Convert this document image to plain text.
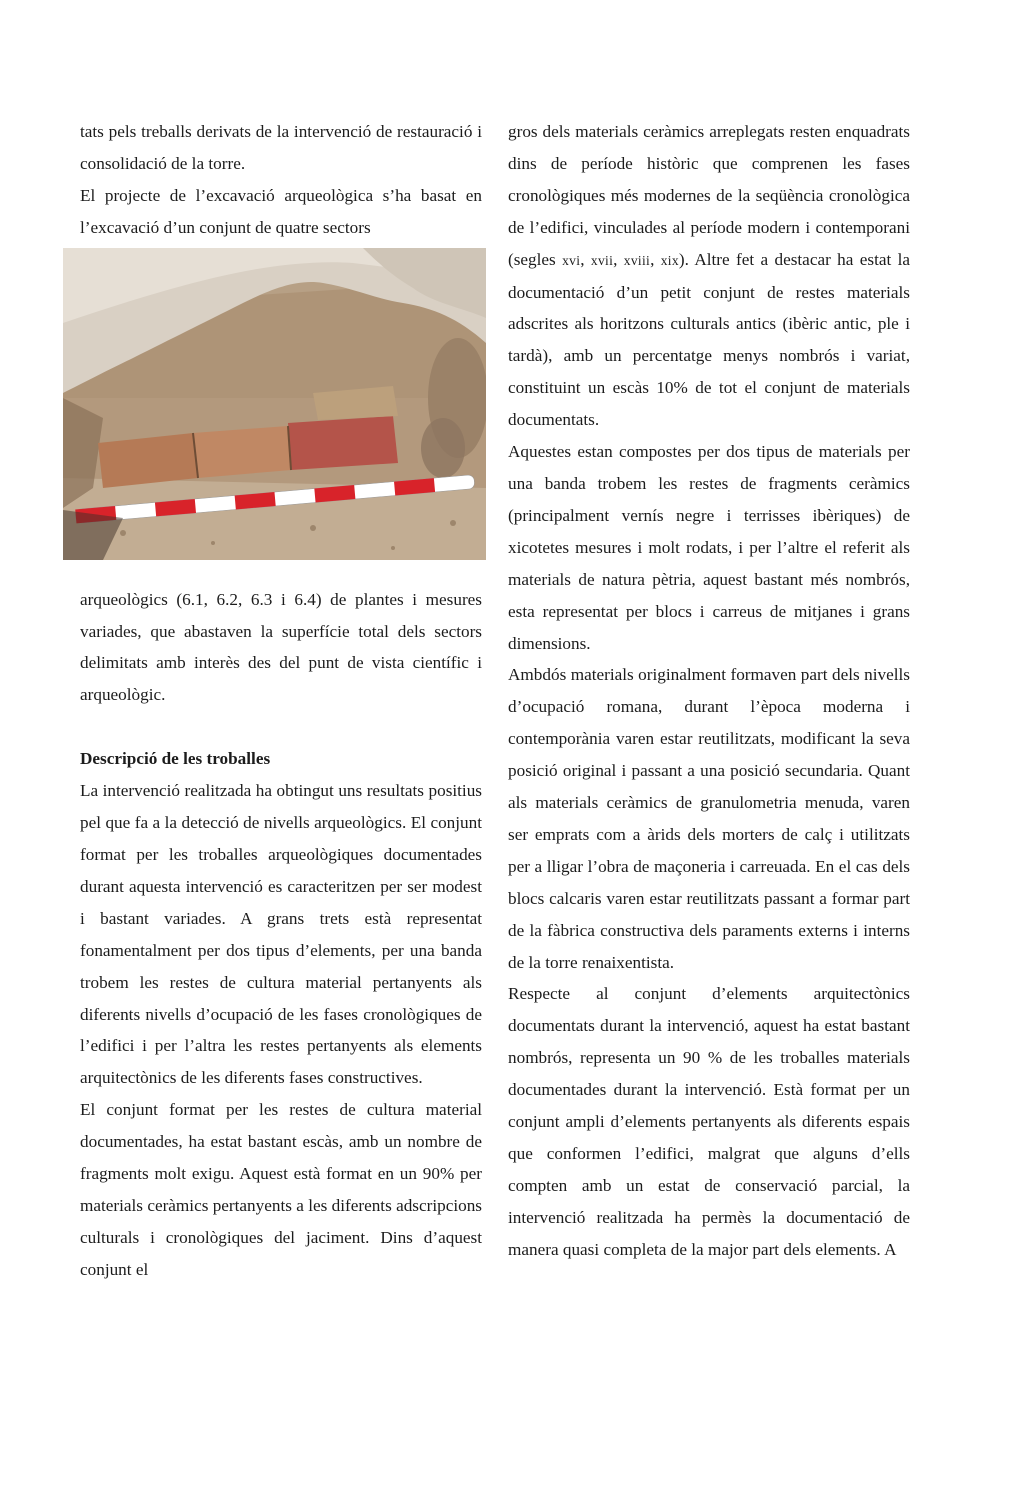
tats pels treballs derivats de la intervenció de restauració i consolidació de la torre.

El projecte de l’excavació arqueològica s’ha basat en l’excavació d’un conjunt de quatre sectors

arqueològics (6.1, 6.2, 6.3 i 6.4) de plantes i mesures variades, que abastaven la superfície total dels sectors delimitats amb interès des del punt de vista científic i arqueològic.

Descripció de les troballes

La intervenció realitzada ha obtingut uns resultats positius pel que fa a la detecció de nivells arqueològics. El conjunt format per les troballes arqueològiques documentades durant aquesta intervenció es caracteritzen per ser modest i bastant variades. A grans trets està representat fonamentalment per dos tipus d’elements, per una banda trobem les restes de cultura material pertanyents als diferents nivells d’ocupació de les fases cronològiques de l’edifici i per l’altra les restes pertanyents als elements arquitectònics de les diferents fases constructives.

El conjunt format per les restes de cultura material documentades, ha estat bastant escàs, amb un nombre de fragments molt exigu. Aquest està format en un 90% per materials ceràmics pertanyents a les diferents adscripcions culturals i cronològiques del jaciment. Dins d’aquest conjunt el

gros dels materials ceràmics arreplegats resten enquadrats dins de període històric que comprenen les fases cronològiques més modernes de la seqüència cronològica de l’edifici, vinculades al període modern i contemporani (segles xvi, xvii, xviii, xix). Altre fet a destacar ha estat la documentació d’un petit conjunt de restes materials adscrites als horitzons culturals antics (ibèric antic, ple i tardà), amb un percentatge menys nombrós i variat, constituint un escàs 10% de tot el conjunt de materials documentats.

Aquestes estan compostes per dos tipus de materials per una banda trobem les restes de fragments ceràmics (principalment vernís negre i terrisses ibèriques) de xicotetes mesures i molt rodats, i per l’altre el referit als materials de natura pètria, aquest bastant més nombrós, esta representat per blocs i carreus de mitjanes i grans dimensions.

Ambdós materials originalment formaven part dels nivells d’ocupació romana, durant l’època moderna i contemporània varen estar reutilitzats, modificant la seva posició original i passant a una posició secundaria. Quant als materials ceràmics de granulometria menuda, varen ser emprats com a àrids dels morters de calç i utilitzats per a lligar l’obra de maçoneria i carreuada. En el cas dels blocs calcaris varen estar reutilitzats passant a formar part de la fàbrica constructiva dels paraments externs i interns de la torre renaixentista.

Respecte al conjunt d’elements arquitectònics documentats durant la intervenció, aquest ha estat bastant nombrós, representa un 90 % de les troballes materials documentades durant la intervenció. Està format per un conjunt ampli d’elements pertanyents als diferents espais que conformen l’edifici, malgrat que alguns d’ells compten amb un estat de conservació parcial, la intervenció realitzada ha permès la documentació de manera quasi completa de la major part dels elements. A
